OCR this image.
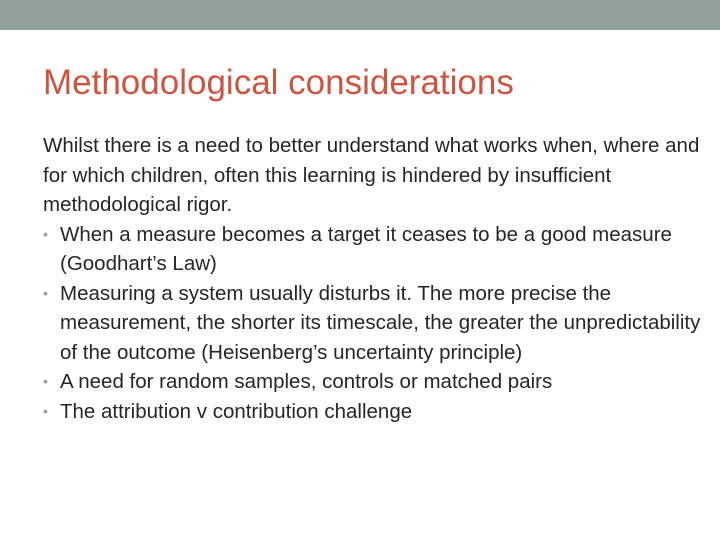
Methodological considerations

Whilst there is a need to better understand what works when, where and for which children, often this learning is hindered by insufficient methodological rigor.

• When a measure becomes a target it ceases to be a good measure (Goodhart’s Law)
• Measuring a system usually disturbs it. The more precise the measurement, the shorter its timescale, the greater the unpredictability of the outcome (Heisenberg’s uncertainty principle)
• A need for random samples, controls or matched pairs
• The attribution v contribution challenge
